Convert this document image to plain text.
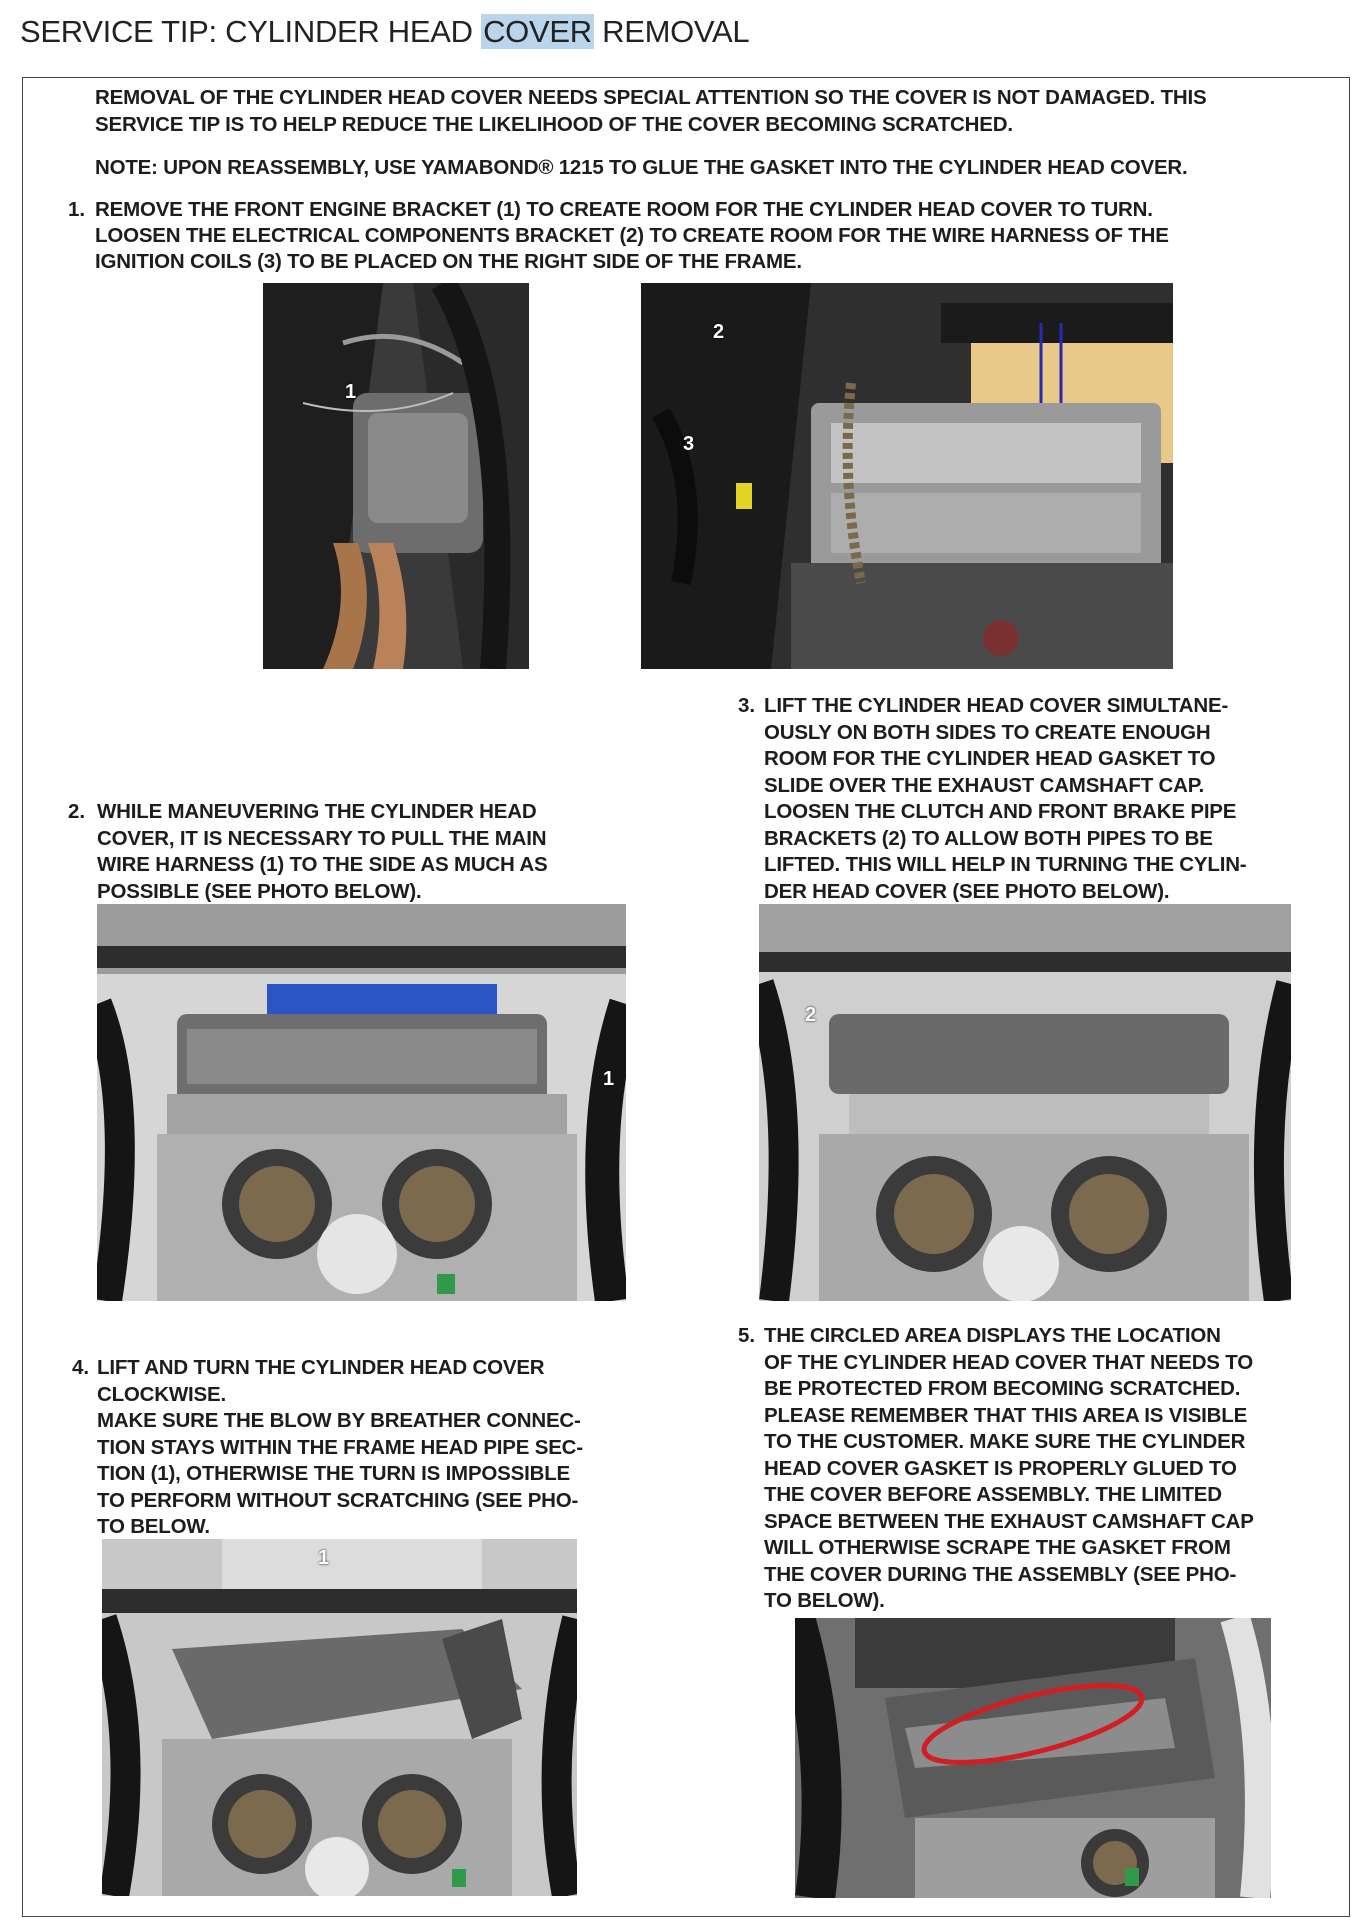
SERVICE TIP: CYLINDER HEAD COVER REMOVAL
REMOVAL OF THE CYLINDER HEAD COVER NEEDS SPECIAL ATTENTION SO THE COVER IS NOT DAMAGED. THIS
SERVICE TIP IS TO HELP REDUCE THE LIKELIHOOD OF THE COVER BECOMING SCRATCHED.
NOTE: UPON REASSEMBLY, USE YAMABOND® 1215 TO GLUE THE GASKET INTO THE CYLINDER HEAD COVER.
1. REMOVE THE FRONT ENGINE BRACKET (1) TO CREATE ROOM FOR THE CYLINDER HEAD COVER TO TURN.
LOOSEN THE ELECTRICAL COMPONENTS BRACKET (2) TO CREATE ROOM FOR THE WIRE HARNESS OF THE
IGNITION COILS (3) TO BE PLACED ON THE RIGHT SIDE OF THE FRAME.
1
2
3
3. LIFT THE CYLINDER HEAD COVER SIMULTANE-
OUSLY ON BOTH SIDES TO CREATE ENOUGH
ROOM FOR THE CYLINDER HEAD GASKET TO
SLIDE OVER THE EXHAUST CAMSHAFT CAP.
LOOSEN THE CLUTCH AND FRONT BRAKE PIPE
BRACKETS (2) TO ALLOW BOTH PIPES TO BE
LIFTED. THIS WILL HELP IN TURNING THE CYLIN-
DER HEAD COVER (SEE PHOTO BELOW).
2. WHILE MANEUVERING THE CYLINDER HEAD
COVER, IT IS NECESSARY TO PULL THE MAIN
WIRE HARNESS (1) TO THE SIDE AS MUCH AS
POSSIBLE (SEE PHOTO BELOW).
1
2
5. THE CIRCLED AREA DISPLAYS THE LOCATION
OF THE CYLINDER HEAD COVER THAT NEEDS TO
BE PROTECTED FROM BECOMING SCRATCHED.
PLEASE REMEMBER THAT THIS AREA IS VISIBLE
TO THE CUSTOMER. MAKE SURE THE CYLINDER
HEAD COVER GASKET IS PROPERLY GLUED TO
THE COVER BEFORE ASSEMBLY. THE LIMITED
SPACE BETWEEN THE EXHAUST CAMSHAFT CAP
WILL OTHERWISE SCRAPE THE GASKET FROM
THE COVER DURING THE ASSEMBLY (SEE PHO-
TO BELOW).
4. LIFT AND TURN THE CYLINDER HEAD COVER
CLOCKWISE.
MAKE SURE THE BLOW BY BREATHER CONNEC-
TION STAYS WITHIN THE FRAME HEAD PIPE SEC-
TION (1), OTHERWISE THE TURN IS IMPOSSIBLE
TO PERFORM WITHOUT SCRATCHING (SEE PHO-
TO BELOW.
1
